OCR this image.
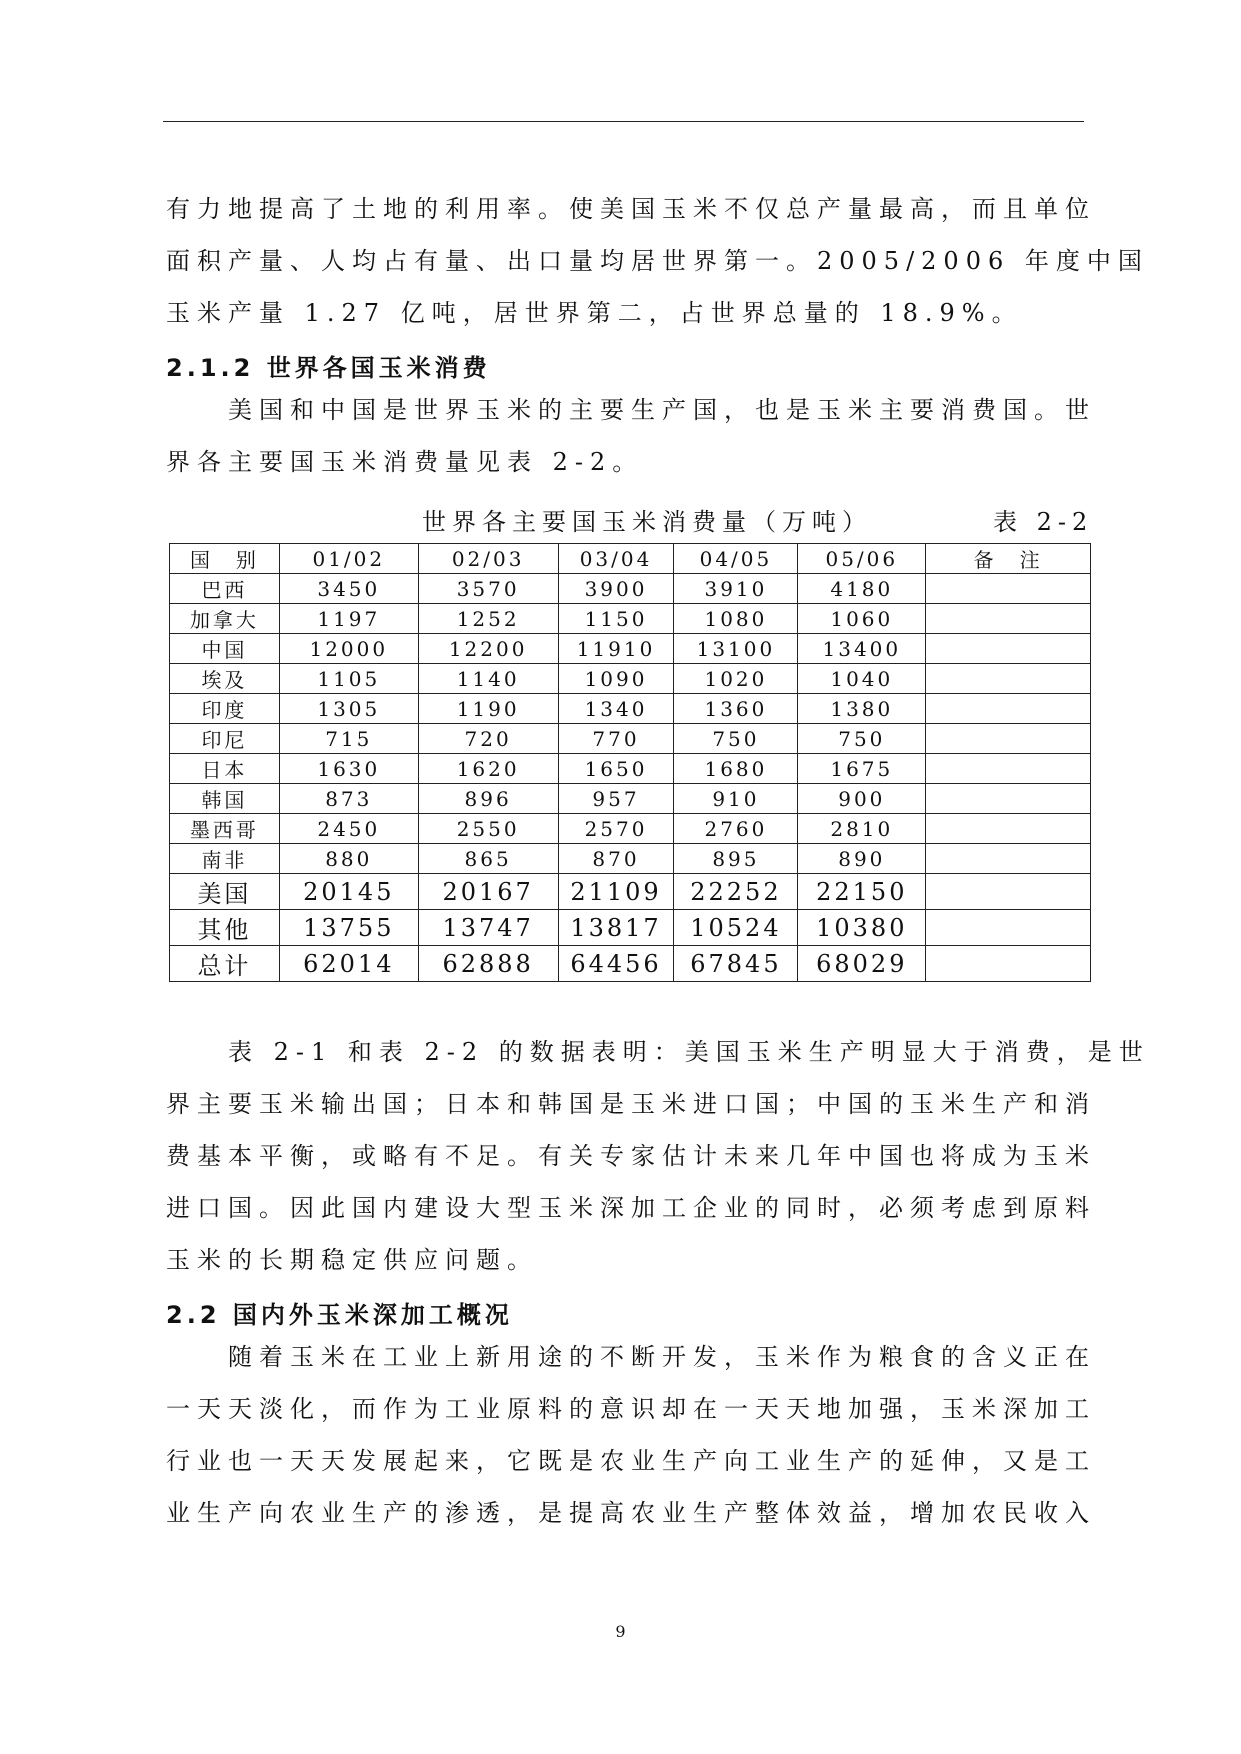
有力地提高了土地的利用率。使美国玉米不仅总产量最高，而且单位
面积产量、人均占有量、出口量均居世界第一。2005/2006 年度中国
玉米产量 1.27 亿吨，居世界第二，占世界总量的 18.9%。

2.1.2 世界各国玉米消费

美国和中国是世界玉米的主要生产国，也是玉米主要消费国。世
界各主要国玉米消费量见表 2-2。

世界各主要国玉米消费量（万吨）	表 2-2
国　别	01/02	02/03	03/04	04/05	05/06	备　注
巴西	3450	3570	3900	3910	4180	
加拿大	1197	1252	1150	1080	1060	
中国	12000	12200	11910	13100	13400	
埃及	1105	1140	1090	1020	1040	
印度	1305	1190	1340	1360	1380	
印尼	715	720	770	750	750	
日本	1630	1620	1650	1680	1675	
韩国	873	896	957	910	900	
墨西哥	2450	2550	2570	2760	2810	
南非	880	865	870	895	890	
美国	20145	20167	21109	22252	22150	
其他	13755	13747	13817	10524	10380	
总计	62014	62888	64456	67845	68029	

表 2-1 和表 2-2 的数据表明：美国玉米生产明显大于消费，是世
界主要玉米输出国；日本和韩国是玉米进口国；中国的玉米生产和消
费基本平衡，或略有不足。有关专家估计未来几年中国也将成为玉米
进口国。因此国内建设大型玉米深加工企业的同时，必须考虑到原料
玉米的长期稳定供应问题。

2.2 国内外玉米深加工概况

随着玉米在工业上新用途的不断开发，玉米作为粮食的含义正在
一天天淡化，而作为工业原料的意识却在一天天地加强，玉米深加工
行业也一天天发展起来，它既是农业生产向工业生产的延伸，又是工
业生产向农业生产的渗透，是提高农业生产整体效益，增加农民收入

9
